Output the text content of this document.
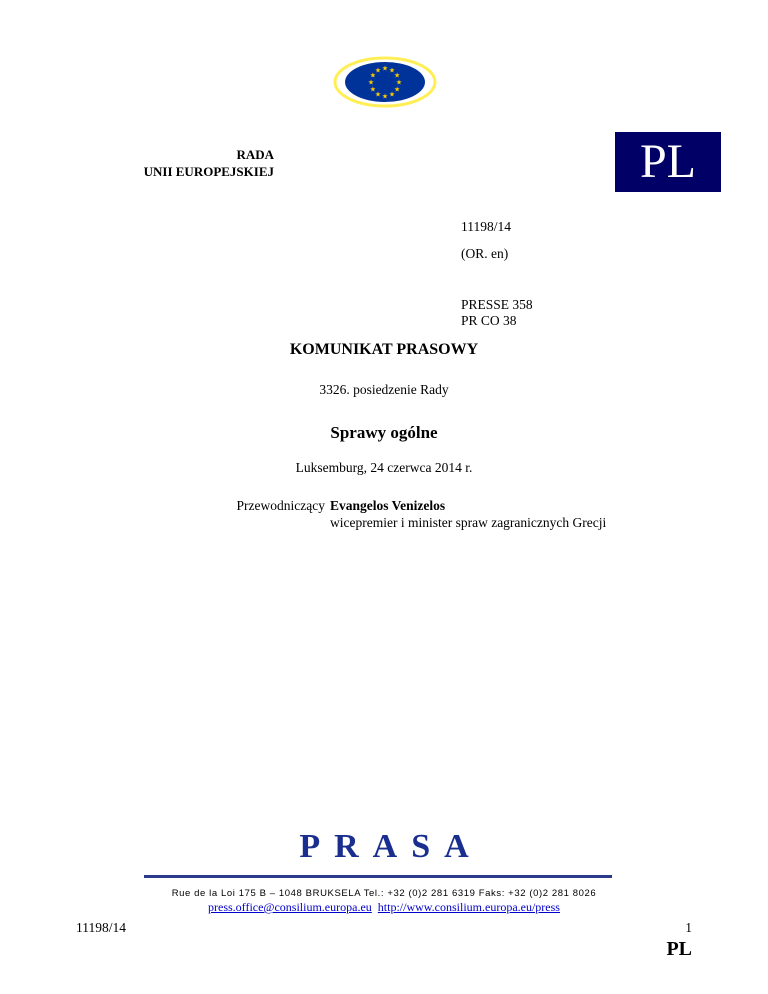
★ ★
★
★
★
★
★
★
★
★
★
★
RADA
UNII EUROPEJSKIEJ	PL
11198/14
(OR. en)
PRESSE 358
PR CO 38
KOMUNIKAT PRASOWY
3326. posiedzenie Rady
Sprawy ogólne
Luksemburg, 24 czerwca 2014 r.
Przewodniczący Evangelos Venizelos
wicepremier i minister spraw zagranicznych Grecji
PRASA
Rue de la Loi 175 B – 1048 BRUKSELA Tel.: +32 (0)2 281 6319 Faks: +32 (0)2 281 8026
press.office@consilium.europa.eu http://www.consilium.europa.eu/press
11198/14	1
PL
